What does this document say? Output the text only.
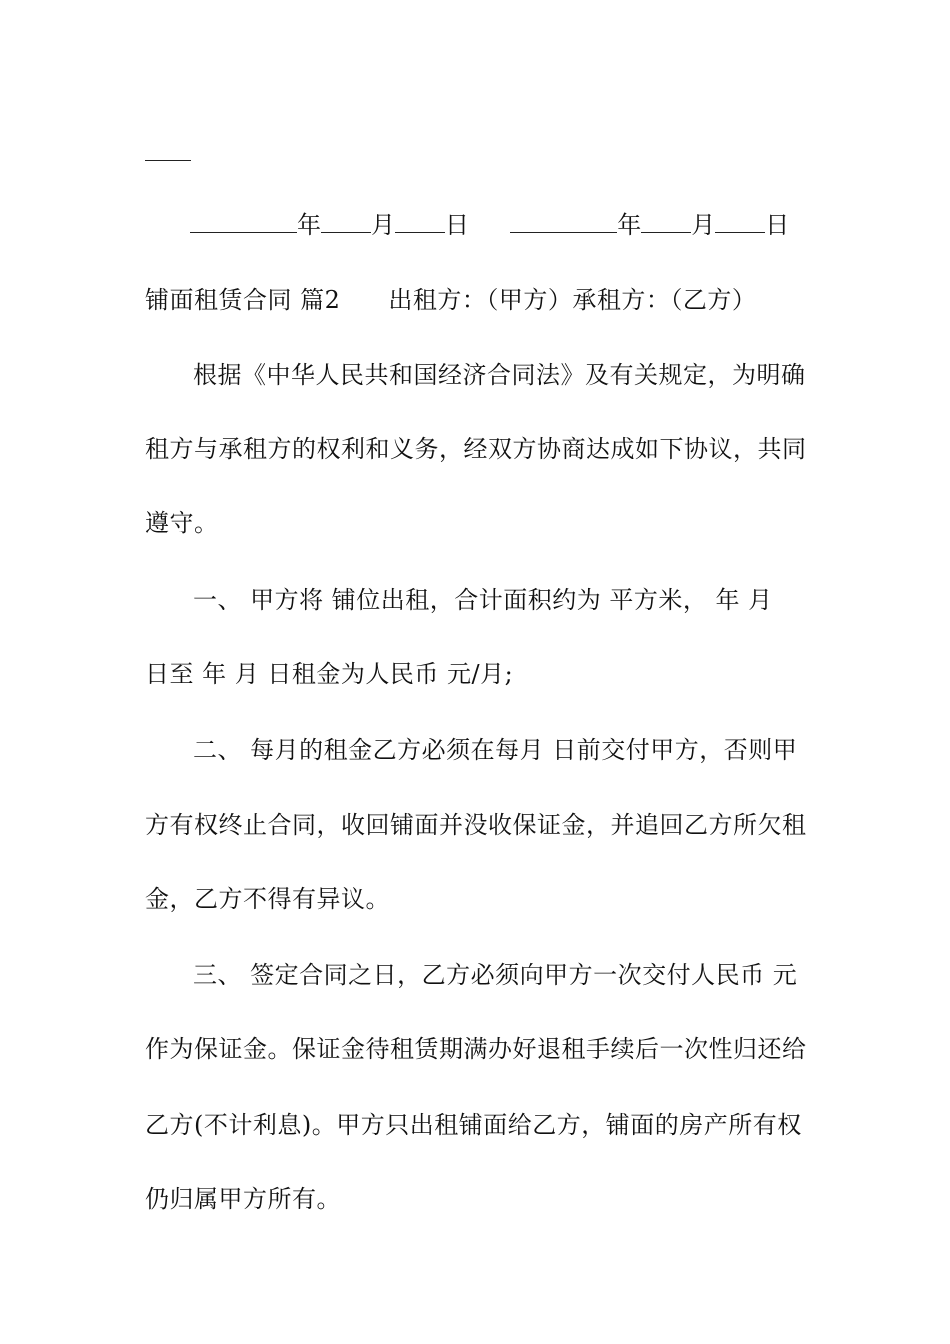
年 月 日	年 月 日
铺面租赁合同 篇2 出租方：（甲方）承租方：（乙方）
根据《中华人民共和国经济合同法》及有关规定，为明确
租方与承租方的权利和义务，经双方协商达成如下协议，共同
遵守。
一、 甲方将 铺位出租，合计面积约为 平方米， 年 月
日至 年 月 日租金为人民币 元/月;
二、 每月的租金乙方必须在每月 日前交付甲方，否则甲
方有权终止合同，收回铺面并没收保证金，并追回乙方所欠租
金，乙方不得有异议。
三、 签定合同之日，乙方必须向甲方一次交付人民币 元
作为保证金。保证金待租赁期满办好退租手续后一次性归还给
乙方(不计利息)。甲方只出租铺面给乙方，铺面的房产所有权
仍归属甲方所有。
